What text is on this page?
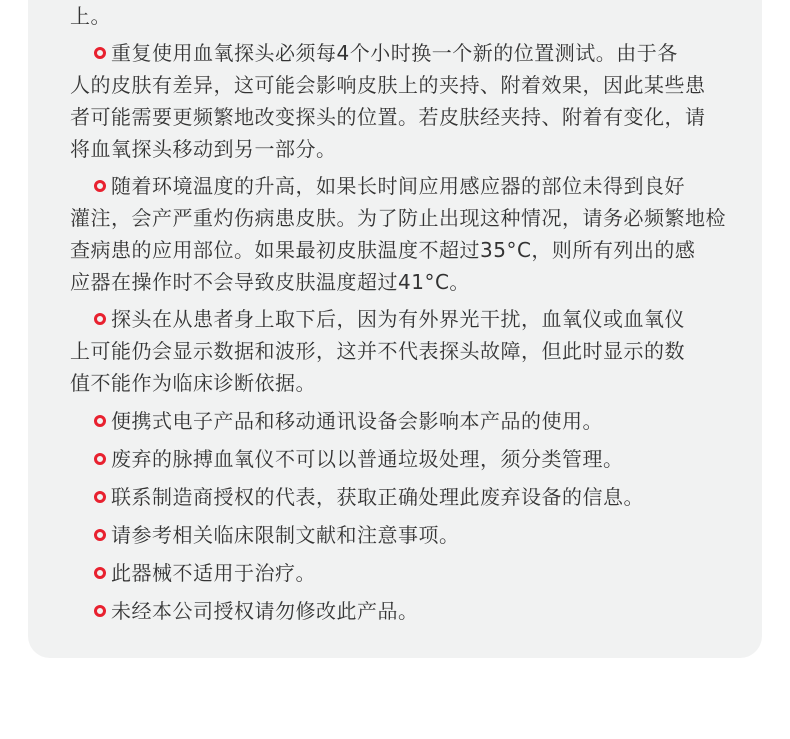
上。
重复使用血氧探头必须每4个小时换一个新的位置测试。由于各
人的皮肤有差异，这可能会影响皮肤上的夹持、附着效果，因此某些患
者可能需要更频繁地改变探头的位置。若皮肤经夹持、附着有变化，请
将血氧探头移动到另一部分。
随着环境温度的升高，如果长时间应用感应器的部位未得到良好
灌注，会产严重灼伤病患皮肤。为了防止出现这种情况，请务必频繁地检
查病患的应用部位。如果最初皮肤温度不超过35°C，则所有列出的感
应器在操作时不会导致皮肤温度超过41°C。
探头在从患者身上取下后，因为有外界光干扰，血氧仪或血氧仪
上可能仍会显示数据和波形，这并不代表探头故障，但此时显示的数
值不能作为临床诊断依据。
便携式电子产品和移动通讯设备会影响本产品的使用。
废弃的脉搏血氧仪不可以以普通垃圾处理，须分类管理。
联系制造商授权的代表，获取正确处理此废弃设备的信息。
请参考相关临床限制文献和注意事项。
此器械不适用于治疗。
未经本公司授权请勿修改此产品。
